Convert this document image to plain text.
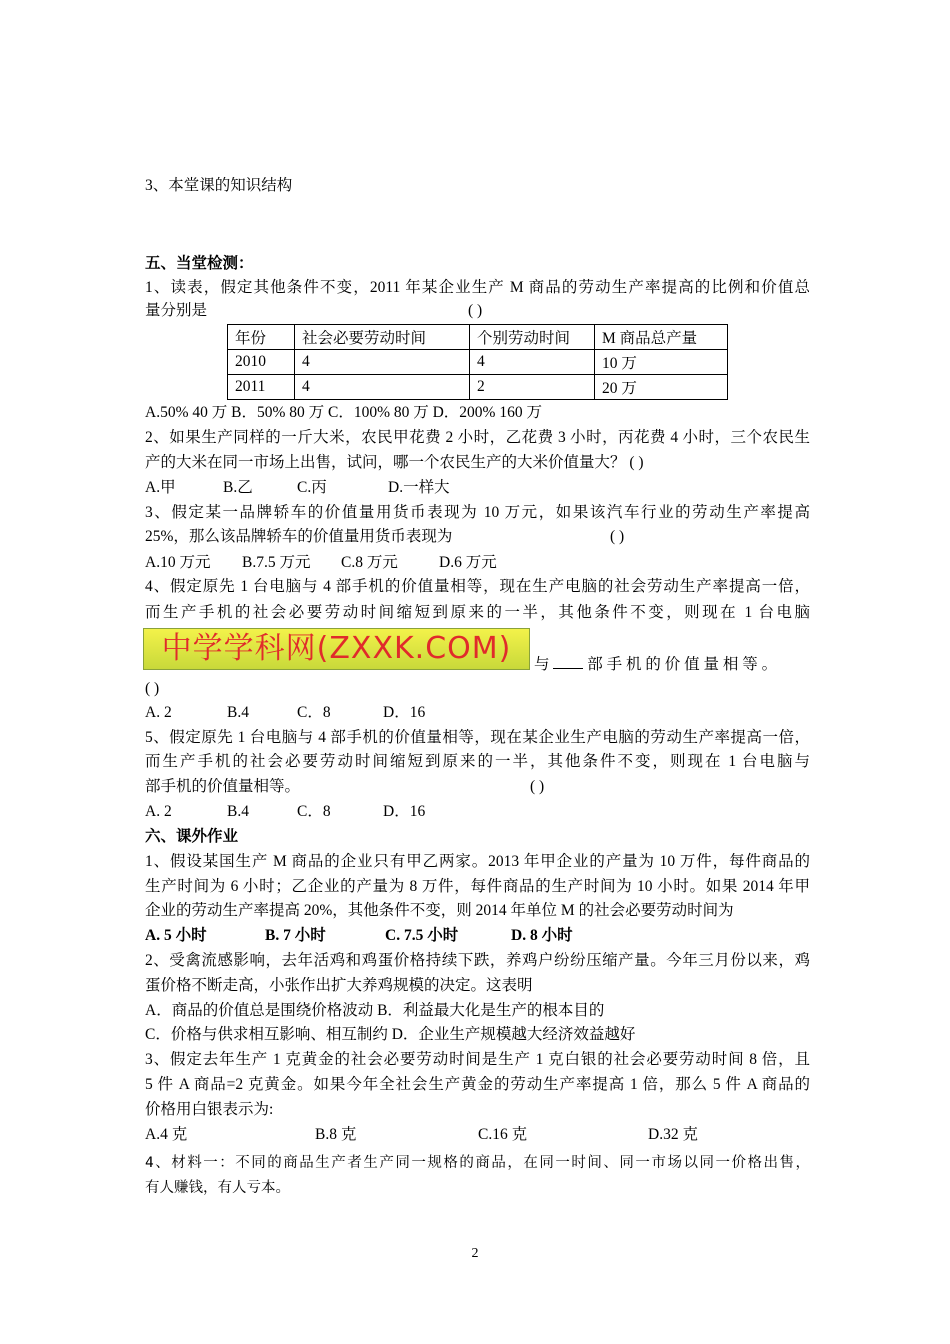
3、本堂课的知识结构
五、当堂检测：
1、读表，假定其他条件不变，2011 年某企业生产 M 商品的劳动生产率提高的比例和价值总
量分别是	( )
年份	社会必要劳动时间	个别劳动时间	M 商品总产量
2010	4	4	10 万
2011	4	2	20 万
A.50% 40 万 B．50% 80 万 C．100% 80 万 D．200% 160 万
2、如果生产同样的一斤大米，农民甲花费 2 小时，乙花费 3 小时，丙花费 4 小时，三个农民生
产的大米在同一市场上出售，试问，哪一个农民生产的大米价值量大？ ( )
A.甲	B.乙	C.丙	D.一样大
3、假定某一品牌轿车的价值量用货币表现为 10 万元，如果该汽车行业的劳动生产率提高
25%，那么该品牌轿车的价值量用货币表现为	( )
A.10 万元 B.7.5 万元 C.8 万元	D.6 万元
4、假定原先 1 台电脑与 4 部手机的价值量相等，现在生产电脑的社会劳动生产率提高一倍，
而生产手机的社会必要劳动时间缩短到原来的一半，其他条件不变，则现在 1 台电脑
中学学科网(ZXXK.COM)	与 部 手 机 的 价 值 量 相 等 。
( )
A. 2	B.4	C．8	D．16
5、假定原先 1 台电脑与 4 部手机的价值量相等，现在某企业生产电脑的劳动生产率提高一倍，
而生产手机的社会必要劳动时间缩短到原来的一半，其他条件不变，则现在 1 台电脑与
部手机的价值量相等。	( )
A. 2	B.4	C．8	D．16
六、课外作业
1、假设某国生产 M 商品的企业只有甲乙两家。2013 年甲企业的产量为 10 万件，每件商品的
生产时间为 6 小时；乙企业的产量为 8 万件，每件商品的生产时间为 10 小时。如果 2014 年甲
企业的劳动生产率提高 20%，其他条件不变，则 2014 年单位 M 的社会必要劳动时间为
A. 5 小时	B. 7 小时	C. 7.5 小时	D. 8 小时
2、受禽流感影响，去年活鸡和鸡蛋价格持续下跌，养鸡户纷纷压缩产量。今年三月份以来，鸡
蛋价格不断走高，小张作出扩大养鸡规模的决定。这表明
A．商品的价值总是围绕价格波动 B．利益最大化是生产的根本目的
C．价格与供求相互影响、相互制约 D．企业生产规模越大经济效益越好
3、假定去年生产 1 克黄金的社会必要劳动时间是生产 1 克白银的社会必要劳动时间 8 倍，且
5 件 A 商品=2 克黄金。如果今年全社会生产黄金的劳动生产率提高 1 倍，那么 5 件 A 商品的
价格用白银表示为:
A.4 克	B.8 克	C.16 克	D.32 克
4、材料一：不同的商品生产者生产同一规格的商品，在同一时间、同一市场以同一价格出售，
有人赚钱，有人亏本。
2
